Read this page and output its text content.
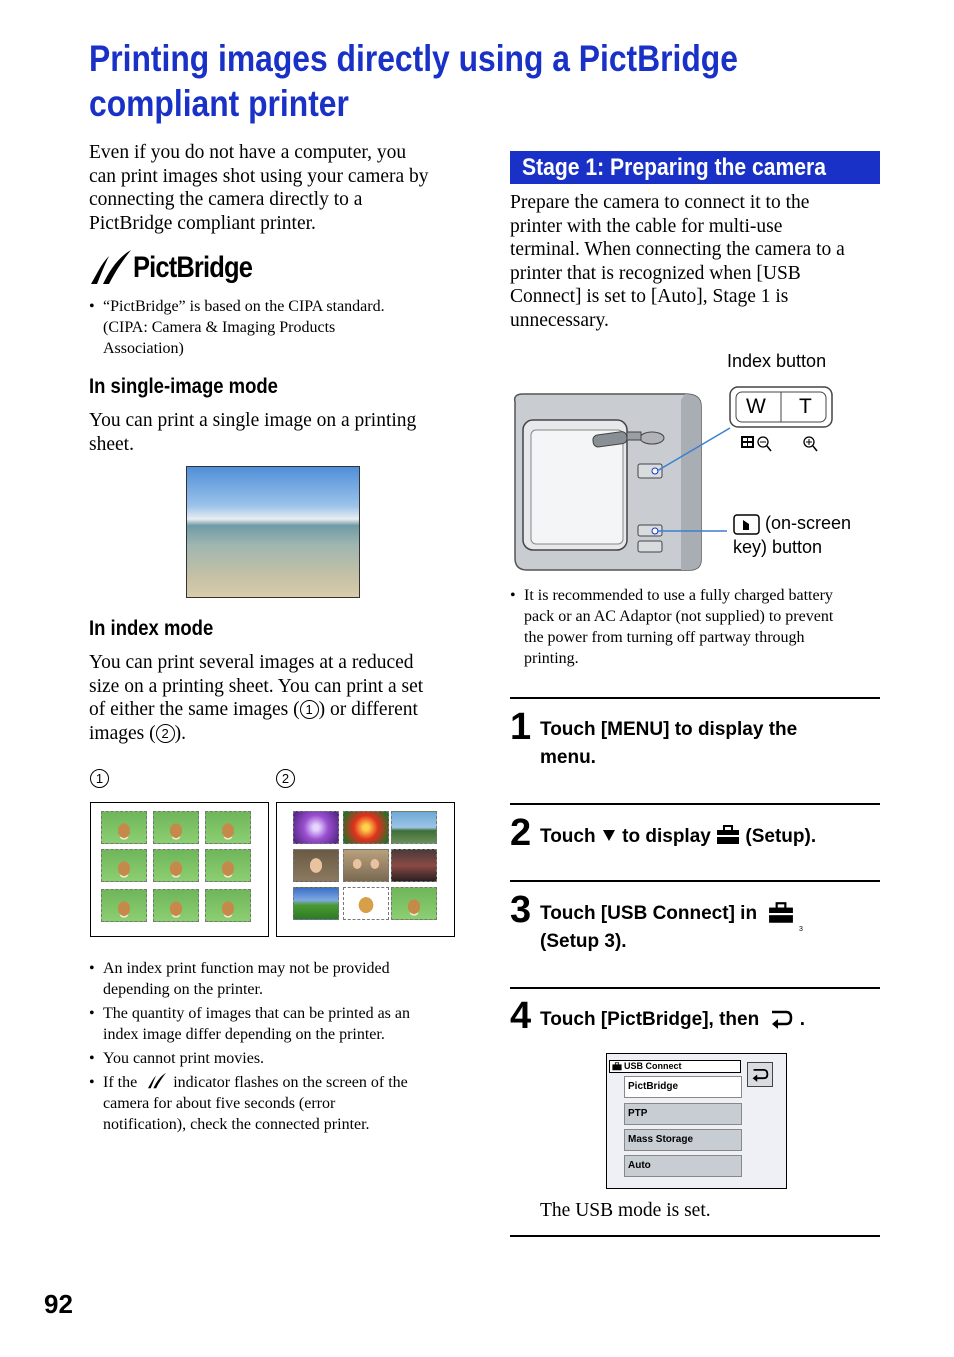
Printing images directly using a PictBridge
compliant printer
Even if you do not have a computer, you
can print images shot using your camera by
connecting the camera directly to a
PictBridge compliant printer.
PictBridge
• “PictBridge” is based on the CIPA standard.
(CIPA: Camera & Imaging Products
Association)
In single-image mode
You can print a single image on a printing
sheet.
In index mode
You can print several images at a reduced
size on a printing sheet. You can print a set
of either the same images ( 1 ) or different
images ( 2 ).
1	2
• An index print function may not be provided
depending on the printer.
• The quantity of images that can be printed as an
index image differ depending on the printer.
• You cannot print movies.
• If the indicator flashes on the screen of the
camera for about five seconds (error
notification), check the connected printer.
Stage 1: Preparing the camera
Prepare the camera to connect it to the
printer with the cable for multi-use
terminal. When connecting the camera to a
printer that is recognized when [USB
Connect] is set to [Auto], Stage 1 is
unnecessary.
Index button
W T
(on-screen
key) button
• It is recommended to use a fully charged battery
pack or an AC Adaptor (not supplied) to prevent
the power from turning off partway through
printing.
1 Touch [MENU] to display the
menu.
2 Touch to display (Setup).
3 Touch [USB Connect] in
(Setup 3).
3
4 Touch [PictBridge], then .
USB Connect
PictBridge
PTP
Mass Storage
Auto
The USB mode is set.
92
